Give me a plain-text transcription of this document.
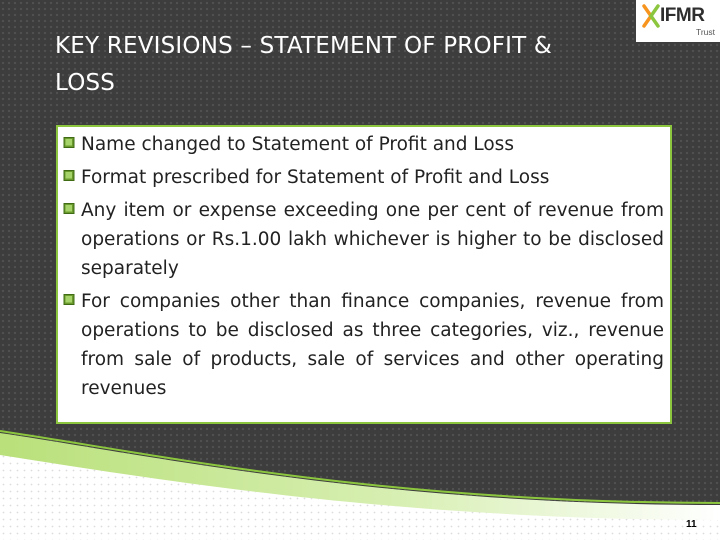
KEY REVISIONS – STATEMENT OF PROFIT & LOSS
IFMR
Trust
Name changed to Statement of Profit and Loss
Format prescribed for Statement of Profit and Loss
Any item or expense exceeding one per cent of revenue from operations or Rs.1.00 lakh whichever is higher to be disclosed separately
For companies other than finance companies, revenue from operations to be disclosed as three categories, viz., revenue from sale of products, sale of services and other operating revenues
11
